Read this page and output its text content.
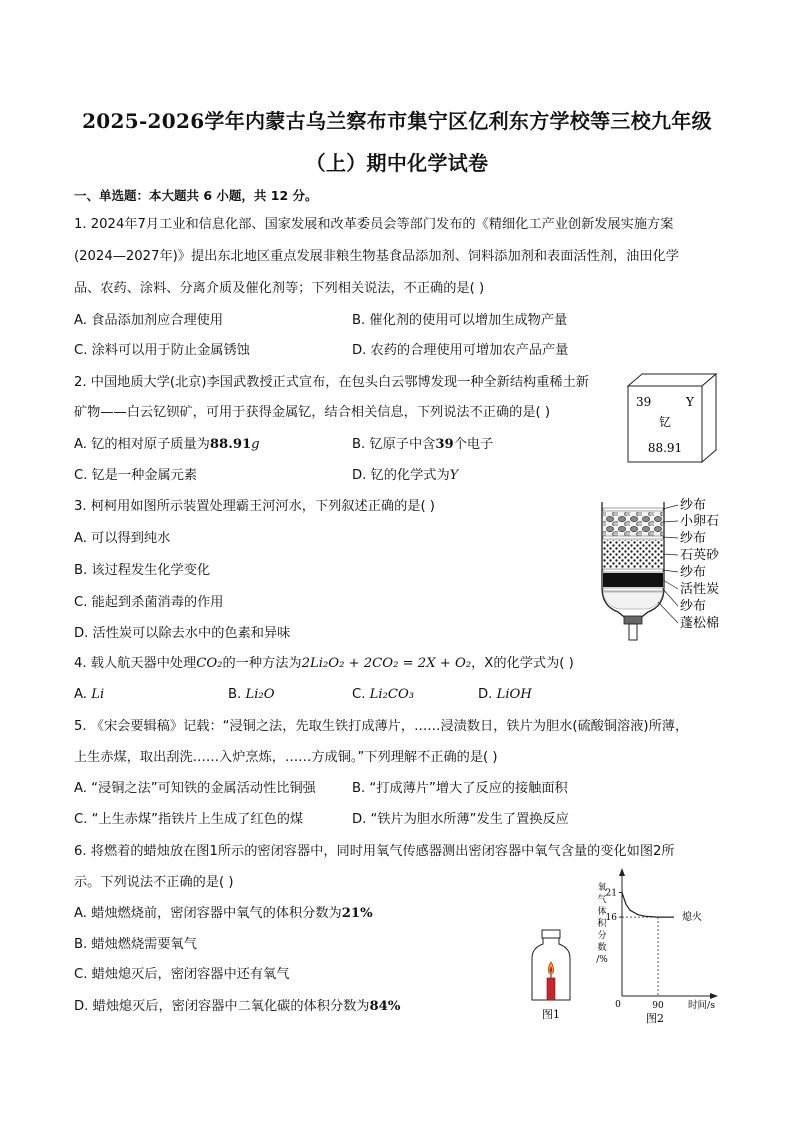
2025-2026学年内蒙古乌兰察布市集宁区亿利东方学校等三校九年级
（上）期中化学试卷
一、单选题：本大题共 6 小题，共 12 分。
1. 2024年7月工业和信息化部、国家发展和改革委员会等部门发布的《精细化工产业创新发展实施方案
(2024—2027年)》提出东北地区重点发展非粮生物基食品添加剂、饲料添加剂和表面活性剂，油田化学
品、农药、涂料、分离介质及催化剂等；下列相关说法，不正确的是( )
A. 食品添加剂应合理使用	B. 催化剂的使用可以增加生成物产量
C. 涂料可以用于防止金属锈蚀	D. 农药的合理使用可增加农产品产量
2. 中国地质大学(北京)李国武教授正式宣布，在包头白云鄂博发现一种全新结构重稀土新
矿物——白云钇钡矿，可用于获得金属钇，结合相关信息，下列说法不正确的是( )
A. 钇的相对原子质量为88.91g	B. 钇原子中含39个电子
C. 钇是一种金属元素	D. 钇的化学式为Y
39	Y
钇
88.91
3. 柯柯用如图所示装置处理霸王河河水，下列叙述正确的是( )
A. 可以得到纯水
B. 该过程发生化学变化
C. 能起到杀菌消毒的作用
D. 活性炭可以除去水中的色素和异味
纱布
小卵石
纱布
石英砂
纱布
活性炭
纱布
蓬松棉
4. 载人航天器中处理CO₂的一种方法为2Li₂O₂ + 2CO₂ = 2X + O₂，X的化学式为( )
A. Li	B. Li₂O	C. Li₂CO₃	D. LiOH
5. 《宋会要辑稿》记载：“浸铜之法，先取生铁打成薄片，……浸渍数日，铁片为胆水(硫酸铜溶液)所薄，
上生赤煤，取出刮洗……入炉烹炼，……方成铜。”下列理解不正确的是( )
A. “浸铜之法”可知铁的金属活动性比铜强	B. “打成薄片”增大了反应的接触面积
C. “上生赤煤”指铁片上生成了红色的煤	D. “铁片为胆水所薄”发生了置换反应
6. 将燃着的蜡烛放在图1所示的密闭容器中，同时用氧气传感器测出密闭容器中氧气含量的变化如图2所
示。下列说法不正确的是( )
A. 蜡烛燃烧前，密闭容器中氧气的体积分数为21%
B. 蜡烛燃烧需要氧气
C. 蜡烛熄灭后，密闭容器中还有氧气
D. 蜡烛熄灭后，密闭容器中二氧化碳的体积分数为84%
图1
氧
气
体
积
分
数
/%
21
16
90
熄火
0	时间/s
图2
